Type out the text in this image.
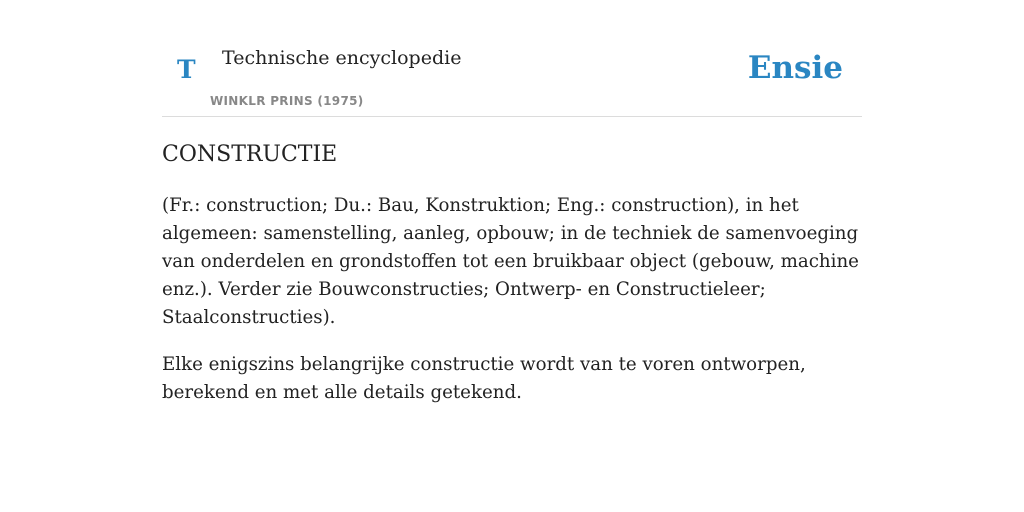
T Technische encyclopedie
WINKLR PRINS (1975)
Ensie
CONSTRUCTIE

(Fr.: construction; Du.: Bau, Konstruktion; Eng.: construction), in het algemeen: samenstelling, aanleg, opbouw; in de techniek de samenvoeging van onderdelen en grondstoffen tot een bruikbaar object (gebouw, machine enz.). Verder zie Bouwconstructies; Ontwerp- en Constructieleer; Staalconstructies).

Elke enigszins belangrijke constructie wordt van te voren ontworpen, berekend en met alle details getekend.
